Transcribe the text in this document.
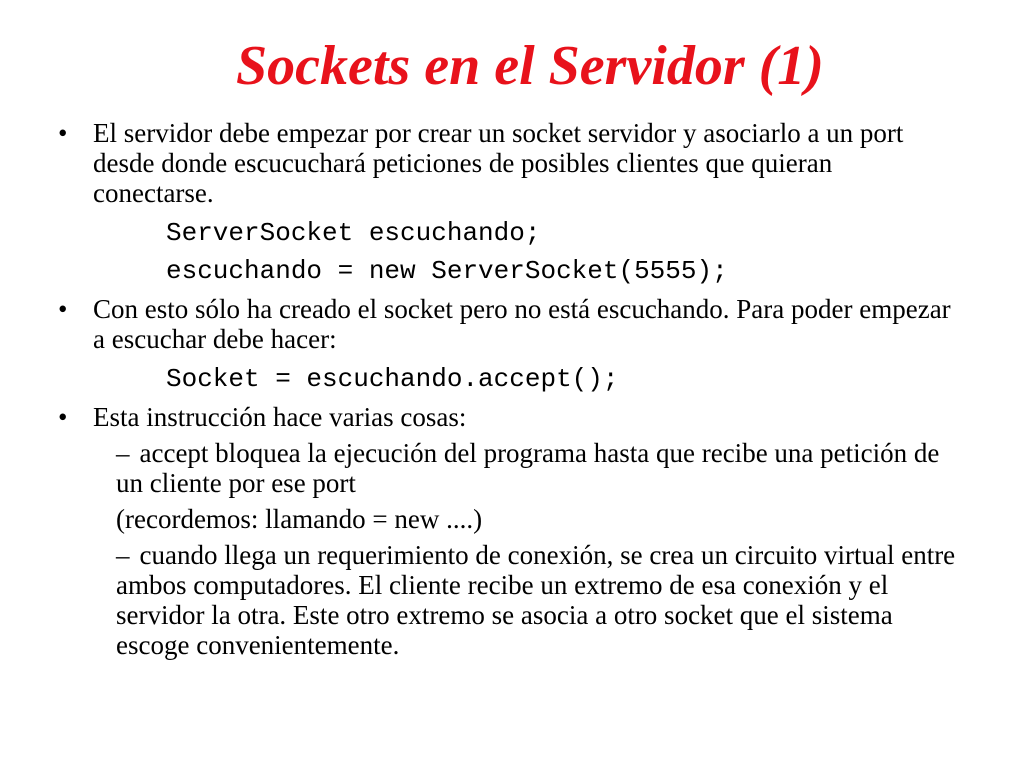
Sockets en el Servidor (1)
• El servidor debe empezar por crear un socket servidor y asociarlo a un port desde donde escucuchará peticiones de posibles clientes que quieran conectarse.
ServerSocket escuchando;
escuchando = new ServerSocket(5555);
• Con esto sólo ha creado el socket pero no está escuchando. Para poder empezar a escuchar debe hacer:
Socket = escuchando.accept();
• Esta instrucción hace varias cosas:
– accept bloquea la ejecución del programa hasta que recibe una petición de un cliente por ese port
(recordemos: llamando = new ....)
– cuando llega un requerimiento de conexión, se crea un circuito virtual entre ambos computadores. El cliente recibe un extremo de esa conexión y el servidor la otra. Este otro extremo se asocia a otro socket que el sistema escoge convenientemente.
